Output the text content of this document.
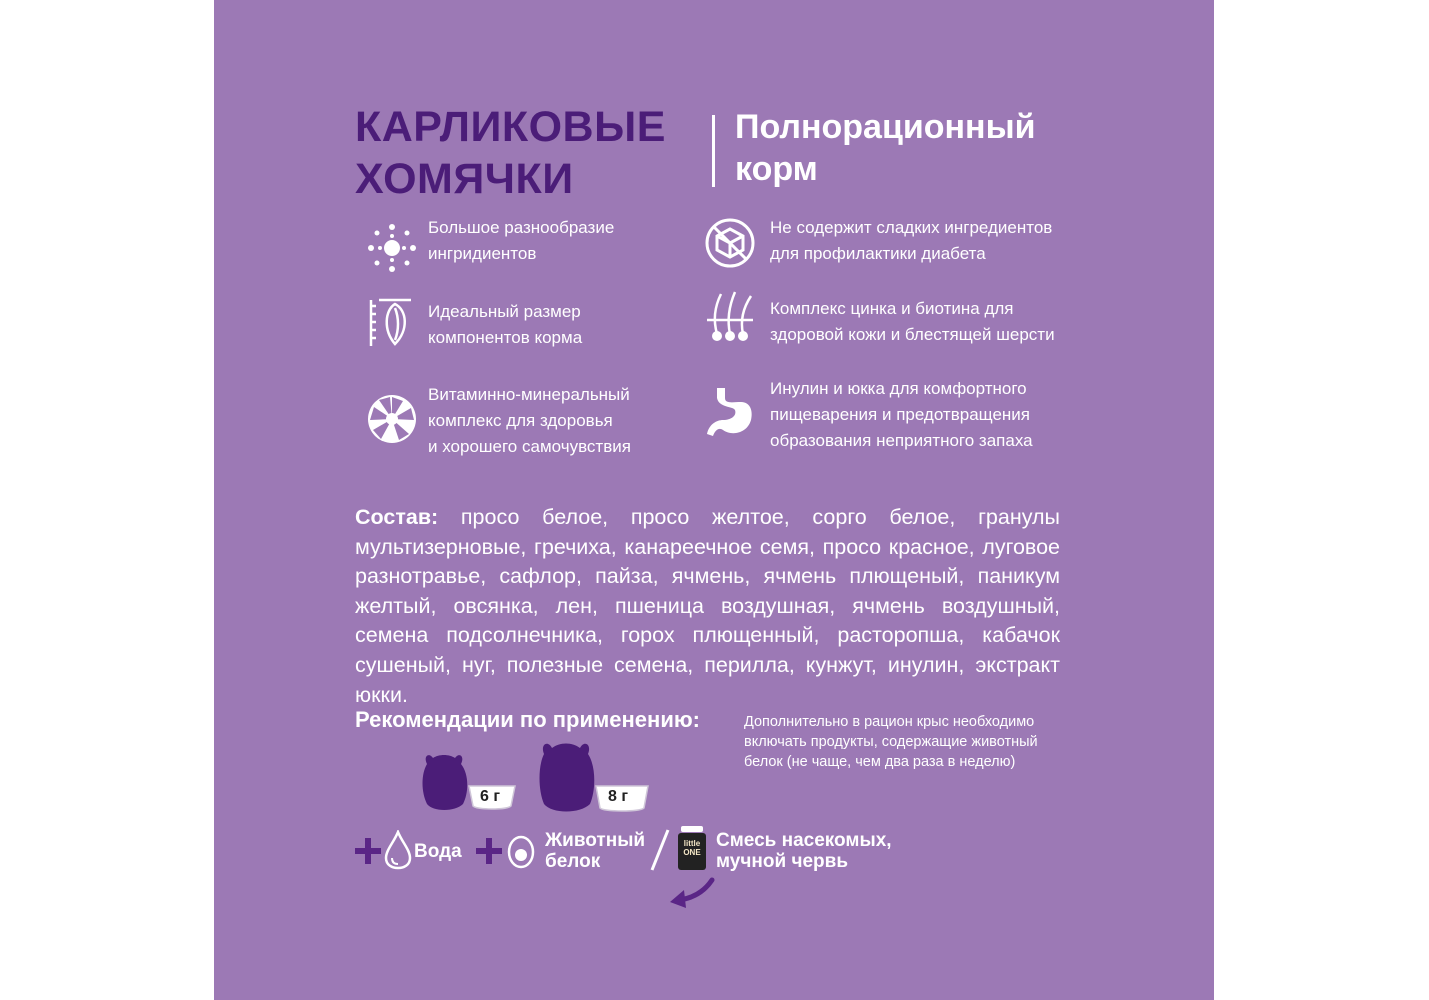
КАРЛИКОВЫЕ
ХОМЯЧКИ
Полнорационный
корм
Большое разнообразие
ингридиентов
Идеальный размер
компонентов корма
Витаминно-минеральный
комплекс для здоровья
и хорошего самочувствия
Не содержит сладких ингредиентов
для профилактики диабета
Комплекс цинка и биотина для
здоровой кожи и блестящей шерсти
Инулин и юкка для комфортного
пищеварения и предотвращения
образования неприятного запаха
Состав: просо белое, просо желтое, сорго белое, гранулы мультизерновые, гречиха, канареечное семя, просо красное, луговое разнотравье, сафлор, пайза, ячмень, ячмень плющеный, паникум желтый, овсянка, лен, пшеница воздушная, ячмень воздушный, семена подсолнечника, горох плющенный, расторопша, кабачок сушеный, нуг, полезные семена, перилла, кунжут, инулин, экстракт юкки.
Рекомендации по применению:	Дополнительно в рацион крыс необходимо включать продукты, содержащие животный белок (не чаще, чем два раза в неделю)
6 г	8 г
Вода
Животный
белок
little
ONE
Смесь насекомых,
мучной червь
